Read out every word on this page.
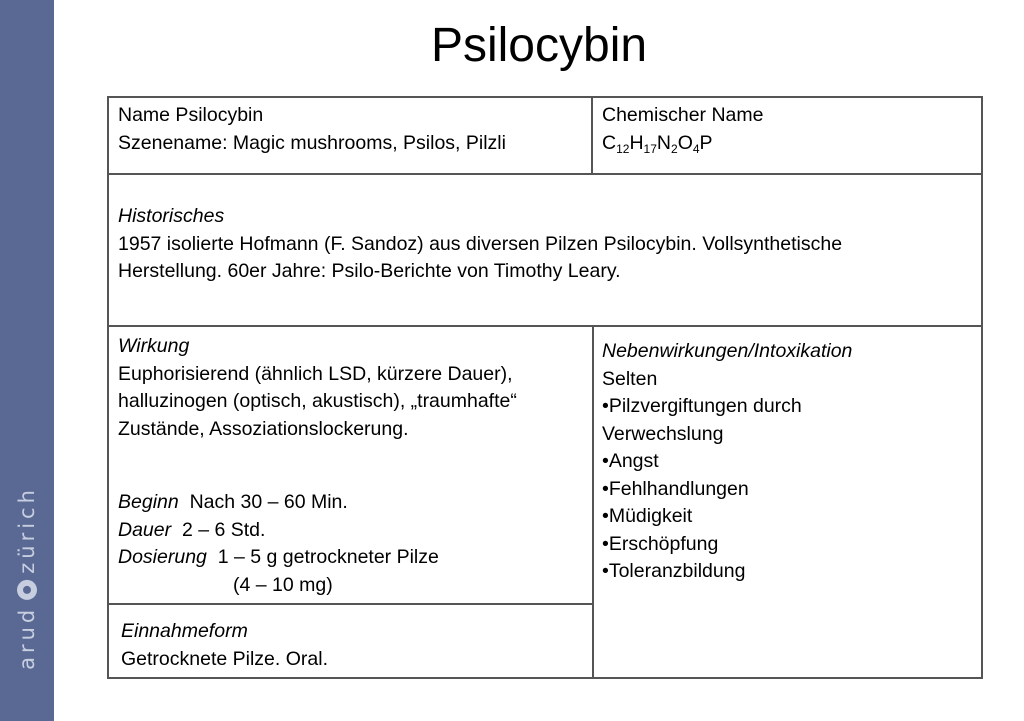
arud
zürich
Psilocybin
Name Psilocybin
Szenename: Magic mushrooms, Psilos, Pilzli
Chemischer Name
$C_{12}H_{17}N_2O_4P$
Historisches
1957 isolierte Hofmann (F. Sandoz) aus diversen Pilzen Psilocybin. Vollsynthetische
Herstellung. 60er Jahre: Psilo-Berichte von Timothy Leary.
Wirkung
Euphorisierend (ähnlich LSD, kürzere Dauer),
halluzinogen (optisch, akustisch), „traumhafte“
Zustände, Assoziationslockerung.
Beginn Nach 30 – 60 Min.
Dauer 2 – 6 Std.
Dosierung 1 – 5 g getrockneter Pilze
(4 – 10 mg)
Einnahmeform
Getrocknete Pilze. Oral.
Nebenwirkungen/Intoxikation
Selten
•Pilzvergiftungen durch
Verwechslung
•Angst
•Fehlhandlungen
•Müdigkeit
•Erschöpfung
•Toleranzbildung
